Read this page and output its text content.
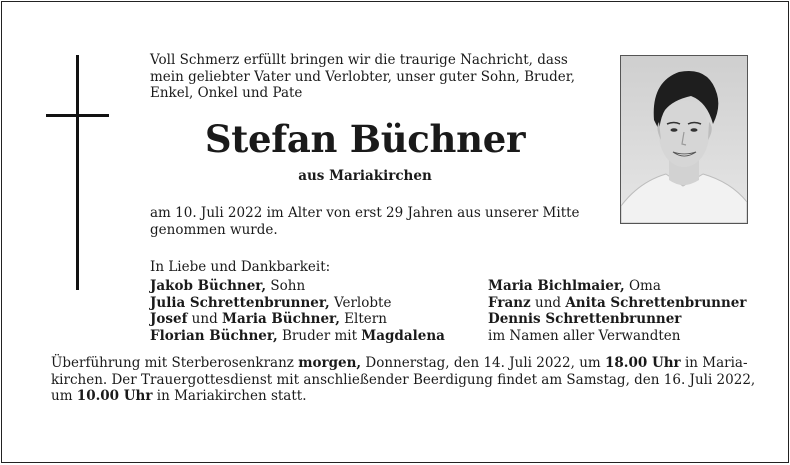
Voll Schmerz erfüllt bringen wir die traurige Nachricht, dass
mein geliebter Vater und Verlobter, unser guter Sohn, Bruder,
Enkel, Onkel und Pate
Stefan Büchner
aus Mariakirchen
am 10. Juli 2022 im Alter von erst 29 Jahren aus unserer Mitte
genommen wurde.
In Liebe und Dankbarkeit:
Jakob Büchner, Sohn
Julia Schrettenbrunner, Verlobte
Josef und Maria Büchner, Eltern
Florian Büchner, Bruder mit Magdalena
Maria Bichlmaier, Oma
Franz und Anita Schrettenbrunner
Dennis Schrettenbrunner
im Namen aller Verwandten
Überführung mit Sterberosenkranz morgen, Donnerstag, den 14. Juli 2022, um 18.00 Uhr in Maria-
kirchen. Der Trauergottesdienst mit anschließender Beerdigung findet am Samstag, den 16. Juli 2022,
um 10.00 Uhr in Mariakirchen statt.
